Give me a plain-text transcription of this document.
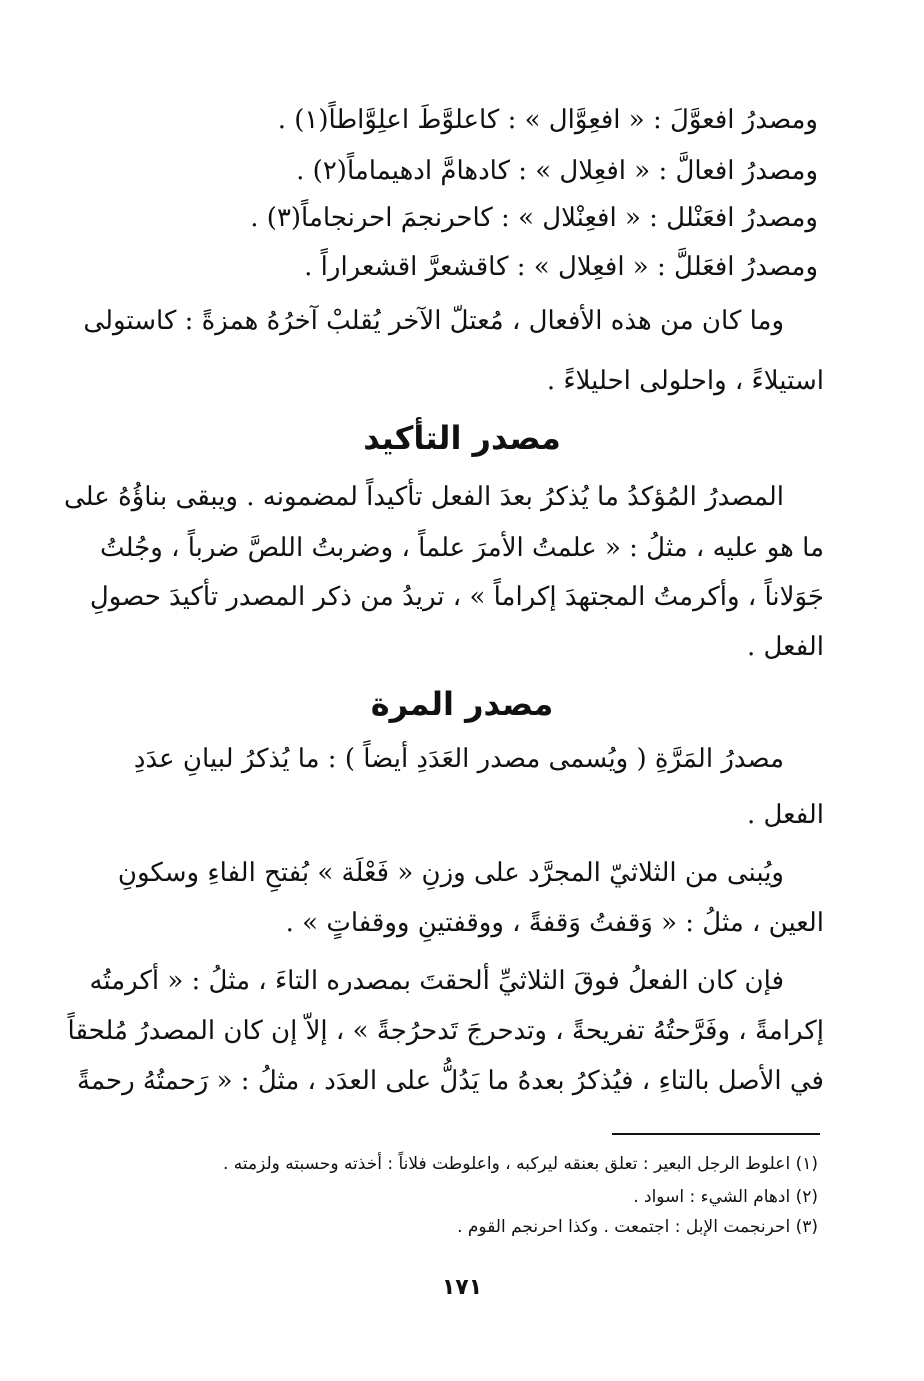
ومصدرُ افعوَّلَ : « افعِوَّال » : كاعلوَّطَ اعلِوَّاطاً(١) .
ومصدرُ افعالَّ : « افعِلال » : كادهامَّ ادهيماماً(٢) .
ومصدرُ افعَنْلل : « افعِنْلال » : كاحرنجمَ احرنجاماً(٣) .
ومصدرُ افعَللَّ : « افعِلال » : كاقشعرَّ اقشعراراً .
وما كان من هذه الأفعال ، مُعتلّ الآخر يُقلبْ آخرُهُ همزةً : كاستولى
استيلاءً ، واحلولى احليلاءً .
مصدر التأكيد
المصدرُ المُؤكدُ ما يُذكرُ بعدَ الفعل تأكيداً لمضمونه . ويبقى بناؤُهُ على
ما هو عليه ، مثلُ : « علمتُ الأمرَ علماً ، وضربتُ اللصَّ ضرباً ، وجُلتُ
جَوَلاناً ، وأكرمتُ المجتهدَ إكراماً » ، تريدُ من ذكر المصدر تأكيدَ حصولِ
الفعل .
مصدر المرة
مصدرُ المَرَّةِ ( ويُسمى مصدر العَدَدِ أيضاً ) : ما يُذكرُ لبيانِ عدَدِ
الفعل .
ويُبنى من الثلاثيّ المجرَّد على وزنِ « فَعْلَة » بُفتحِ الفاءِ وسكونِ
العين ، مثلُ : « وَقفتُ وَقفةً ، ووقفتينِ ووقفاتٍ » .
فإن كان الفعلُ فوقَ الثلاثيِّ ألحقتَ بمصدره التاءَ ، مثلُ : « أكرمتُه
إكرامةً ، وفَرَّحتُهُ تفريحةً ، وتدحرجَ تَدحرُجةً » ، إلاّ إن كان المصدرُ مُلحقاً
في الأصل بالتاءِ ، فيُذكرُ بعدهُ ما يَدُلُّ على العدَد ، مثلُ : « رَحمتُهُ رحمةً
(١) اعلوط الرجل البعير : تعلق بعنقه ليركبه ، واعلوطت فلاناً : أخذته وحسبته ولزمته .
(٢) ادهام الشيء : اسواد .
(٣) احرنجمت الإبل : اجتمعت . وكذا احرنجم القوم .
١٧١
